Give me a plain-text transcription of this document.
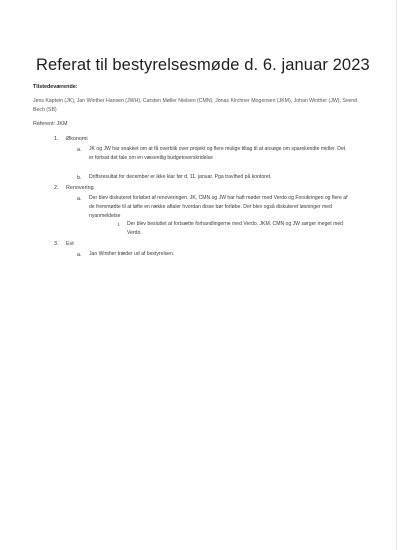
Referat til bestyrelsesmøde d. 6. januar 2023
Tilstedeværende:
Jens Kaptein (JK), Jan Winther Hansen (JWH), Carsten Møller Nielsen (CMN), Jonas Kirchner Mogensen (JKM), Johan Winther (JW), Svend Bech (SB)
Referent: JKM
1. Økonomi
a. JK og JW har snakket om at få overblik over projekt og flere mulige tiltag til at ansøge om sparekendte midler. Det er fortsat det tale om en væsentlig budgetoverskridelse
b. Driftsresultat for december er ikke klar før d. 11. januar. Pga travlhed på kontoret.
2. Renovering
a. Der blev diskuteret forløbet af renoveringen. JK, CMN og JW har haft møder med Verdo og Forsikringen og flere af de fremmødte til at løfte en række aftaler hvordan disse bør forløbe. Der blev også diskuteret løsninger med nyanmeldelse
i. Der blev besluttet at fortsætte forhandlingerne med Verdo. JKM, CMN og JW sørger meget med Verdo.
3. Evt
a. Jan Winther træder ud af bestyrelsen.
